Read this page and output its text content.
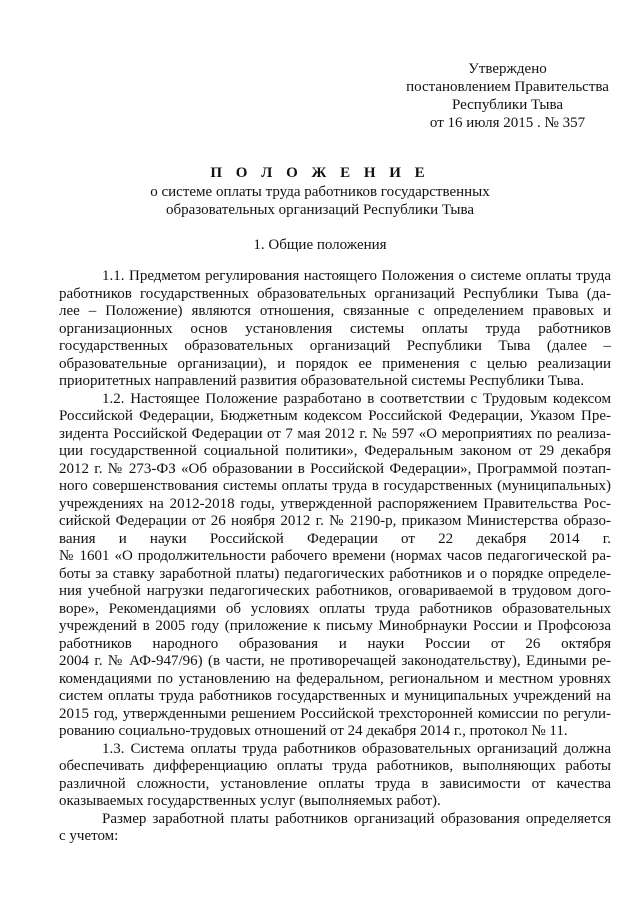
Утверждено
постановлением Правительства
Республики Тыва
от 16 июля 2015 . № 357
П О Л О Ж Е Н И Е
о системе оплаты труда работников государственных
образовательных организаций Республики Тыва
1. Общие положения
1.1. Предметом регулирования настоящего Положения о системе оплаты труда
работников государственных образовательных организаций Республики Тыва (да-
лее – Положение) являются отношения, связанные с определением правовых и
организационных основ установления системы оплаты труда работников
государственных образовательных организаций Республики Тыва (далее –
образовательные организации), и порядок ее применения с целью реализации
приоритетных направлений развития образовательной системы Республики Тыва.
1.2. Настоящее Положение разработано в соответствии с Трудовым кодексом
Российской Федерации, Бюджетным кодексом Российской Федерации, Указом Пре-
зидента Российской Федерации от 7 мая 2012 г. № 597 «О мероприятиях по реализа-
ции государственной социальной политики», Федеральным законом от 29 декабря
2012 г. № 273-ФЗ «Об образовании в Российской Федерации», Программой поэтап-
ного совершенствования системы оплаты труда в государственных (муниципальных)
учреждениях на 2012-2018 годы, утвержденной распоряжением Правительства Рос-
сийской Федерации от 26 ноября 2012 г. № 2190-р, приказом Министерства образо-
вания и науки Российской Федерации от 22 декабря 2014 г.
№ 1601 «О продолжительности рабочего времени (нормах часов педагогической ра-
боты за ставку заработной платы) педагогических работников и о порядке определе-
ния учебной нагрузки педагогических работников, оговариваемой в трудовом дого-
воре», Рекомендациями об условиях оплаты труда работников образовательных
учреждений в 2005 году (приложение к письму Минобрнауки России и Профсоюза
работников народного образования и науки России от 26 октября
2004 г. № АФ-947/96) (в части, не противоречащей законодательству), Едиными ре-
комендациями по установлению на федеральном, региональном и местном уровнях
систем оплаты труда работников государственных и муниципальных учреждений на
2015 год, утвержденными решением Российской трехсторонней комиссии по регули-
рованию социально-трудовых отношений от 24 декабря 2014 г., протокол № 11.
1.3. Система оплаты труда работников образовательных организаций должна
обеспечивать дифференциацию оплаты труда работников, выполняющих работы
различной сложности, установление оплаты труда в зависимости от качества
оказываемых государственных услуг (выполняемых работ).
Размер заработной платы работников организаций образования определяется
с учетом:
